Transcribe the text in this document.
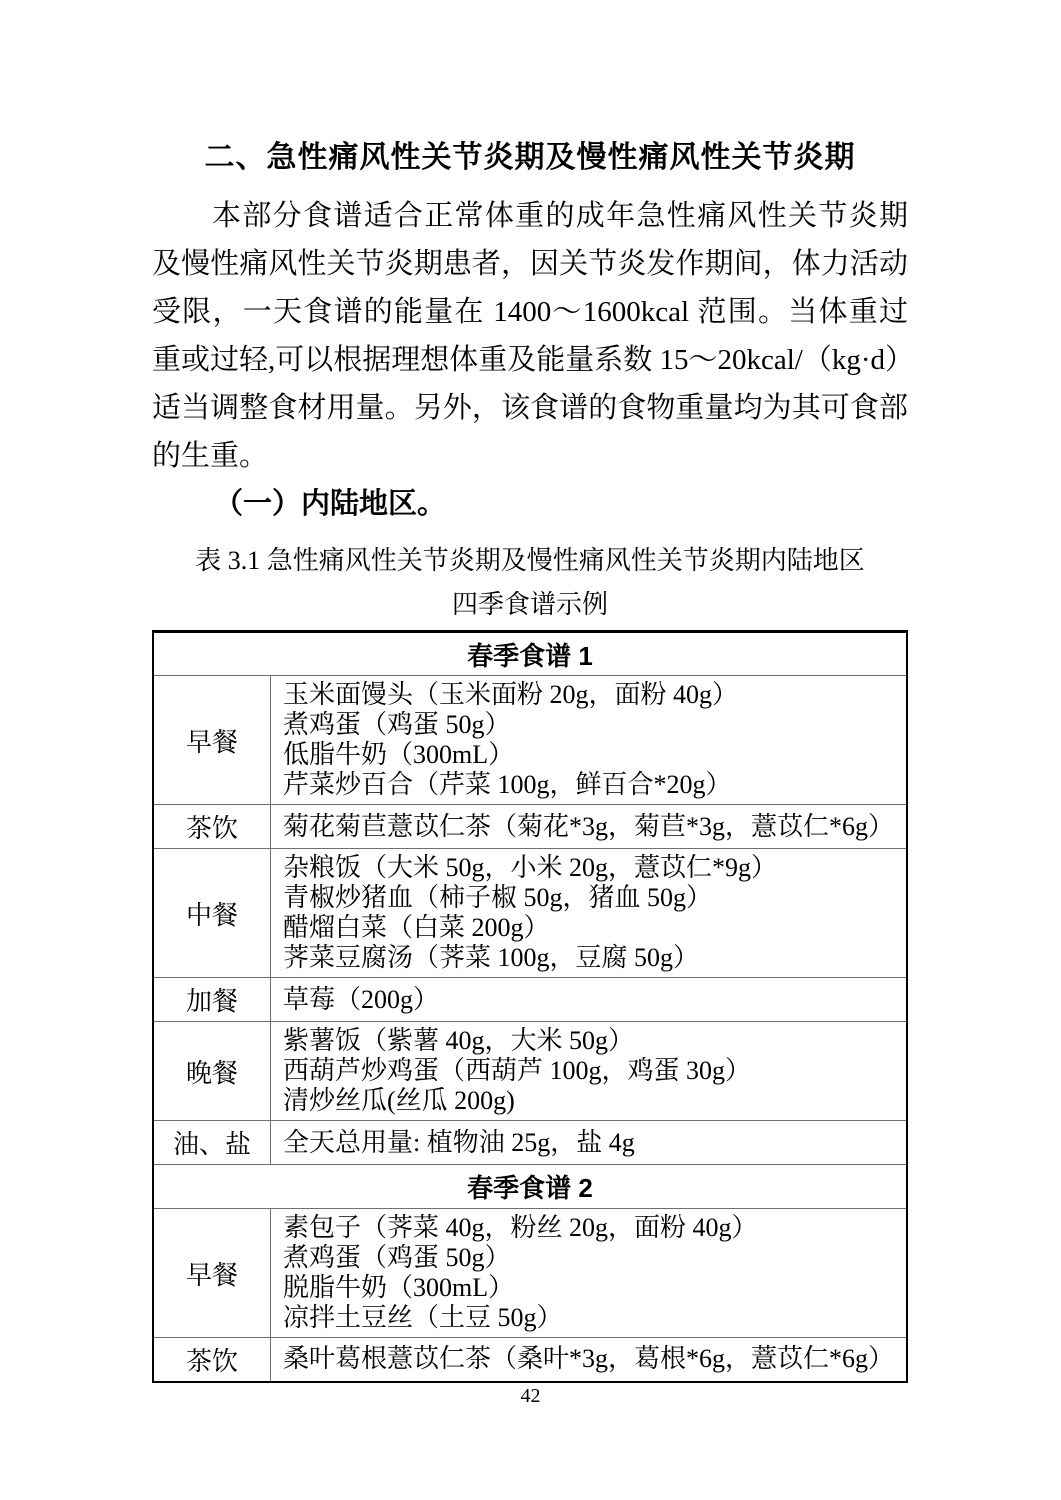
二、急性痛风性关节炎期及慢性痛风性关节炎期
本部分食谱适合正常体重的成年急性痛风性关节炎期
及慢性痛风性关节炎期患者，因关节炎发作期间，体力活动
受限，一天食谱的能量在 1400～1600kcal 范围。当体重过
重或过轻,可以根据理想体重及能量系数 15～20kcal/（kg·d）
适当调整食材用量。另外，该食谱的食物重量均为其可食部
的生重。
（一）内陆地区。
表 3.1 急性痛风性关节炎期及慢性痛风性关节炎期内陆地区
四季食谱示例
春季食谱 1	
早餐	玉米面馒头（玉米面粉 20g，面粉 40g）
煮鸡蛋（鸡蛋 50g）
低脂牛奶（300mL）
芹菜炒百合（芹菜 100g，鲜百合*20g）

茶饮	菊花菊苣薏苡仁茶（菊花*3g，菊苣*3g，薏苡仁*6g）

中餐	杂粮饭（大米 50g，小米 20g，薏苡仁*9g）
青椒炒猪血（柿子椒 50g，猪血 50g）
醋熘白菜（白菜 200g）
荠菜豆腐汤（荠菜 100g，豆腐 50g）

加餐	草莓（200g）

晚餐	紫薯饭（紫薯 40g，大米 50g）
西葫芦炒鸡蛋（西葫芦 100g，鸡蛋 30g）
清炒丝瓜(丝瓜 200g)

油、盐	全天总用量: 植物油 25g，盐 4g

春季食谱 2	
早餐	素包子（荠菜 40g，粉丝 20g，面粉 40g）
煮鸡蛋（鸡蛋 50g）
脱脂牛奶（300mL）
凉拌土豆丝（土豆 50g）

茶饮	桑叶葛根薏苡仁茶（桑叶*3g，葛根*6g，薏苡仁*6g）
42
